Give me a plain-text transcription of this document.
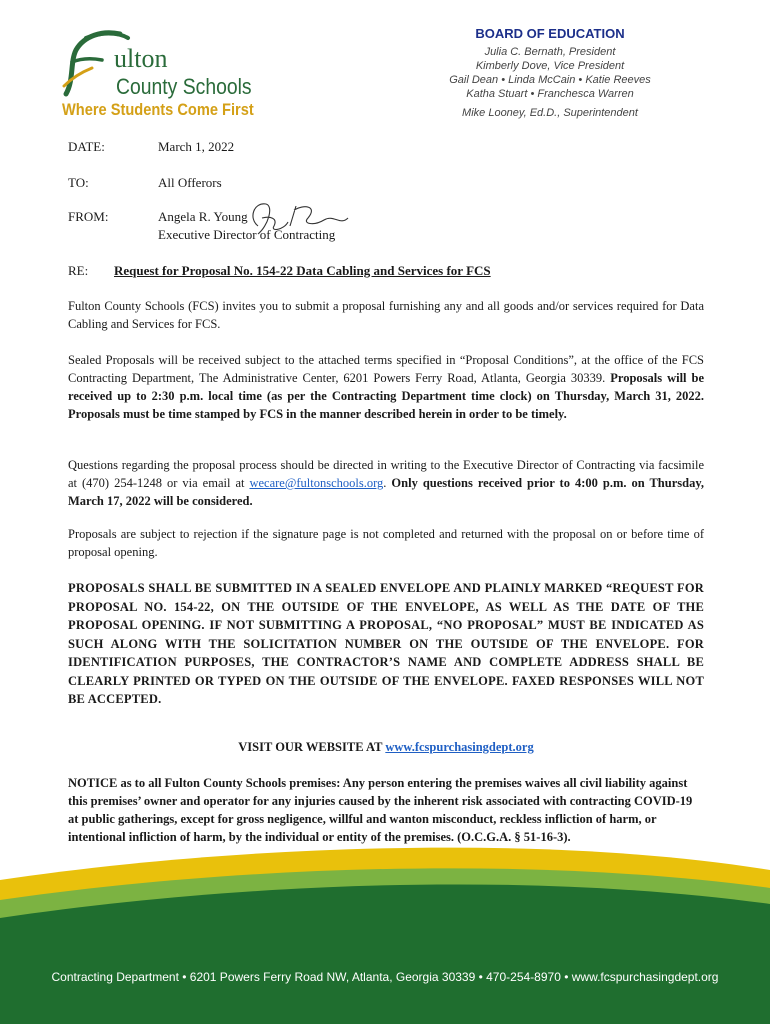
ulton
County Schools
Where Students Come First
BOARD OF EDUCATION
Julia C. Bernath, President
Kimberly Dove, Vice President
Gail Dean • Linda McCain • Katie Reeves
Katha Stuart • Franchesca Warren
Mike Looney, Ed.D., Superintendent
DATE:	March 1, 2022
TO:	All Offerors
FROM:	Angela R. Young
Executive Director of Contracting
RE:	Request for Proposal No. 154-22 Data Cabling and Services for FCS
Fulton County Schools (FCS) invites you to submit a proposal furnishing any and all goods and/or services required for Data Cabling and Services for FCS.
Sealed Proposals will be received subject to the attached terms specified in “Proposal Conditions”, at the office of the FCS Contracting Department, The Administrative Center, 6201 Powers Ferry Road, Atlanta, Georgia 30339. Proposals will be received up to 2:30 p.m. local time (as per the Contracting Department time clock) on Thursday, March 31, 2022. Proposals must be time stamped by FCS in the manner described herein in order to be timely.
Questions regarding the proposal process should be directed in writing to the Executive Director of Contracting via facsimile at (470) 254-1248 or via email at wecare@fultonschools.org. Only questions received prior to 4:00 p.m. on Thursday, March 17, 2022 will be considered.
Proposals are subject to rejection if the signature page is not completed and returned with the proposal on or before time of proposal opening.
PROPOSALS SHALL BE SUBMITTED IN A SEALED ENVELOPE AND PLAINLY MARKED “REQUEST FOR PROPOSAL NO. 154-22, ON THE OUTSIDE OF THE ENVELOPE, AS WELL AS THE DATE OF THE PROPOSAL OPENING. IF NOT SUBMITTING A PROPOSAL, “NO PROPOSAL” MUST BE INDICATED AS SUCH ALONG WITH THE SOLICITATION NUMBER ON THE OUTSIDE OF THE ENVELOPE. FOR IDENTIFICATION PURPOSES, THE CONTRACTOR’S NAME AND COMPLETE ADDRESS SHALL BE CLEARLY PRINTED OR TYPED ON THE OUTSIDE OF THE ENVELOPE. FAXED RESPONSES WILL NOT BE ACCEPTED.
VISIT OUR WEBSITE AT www.fcspurchasingdept.org
NOTICE as to all Fulton County Schools premises: Any person entering the premises waives all civil liability against this premises’ owner and operator for any injuries caused by the inherent risk associated with contracting COVID-19 at public gatherings, except for gross negligence, willful and wanton misconduct, reckless infliction of harm, or intentional infliction of harm, by the individual or entity of the premises. (O.C.G.A. § 51-16-3).
Contracting Department • 6201 Powers Ferry Road NW, Atlanta, Georgia 30339 • 470-254-8970 • www.fcspurchasingdept.org
